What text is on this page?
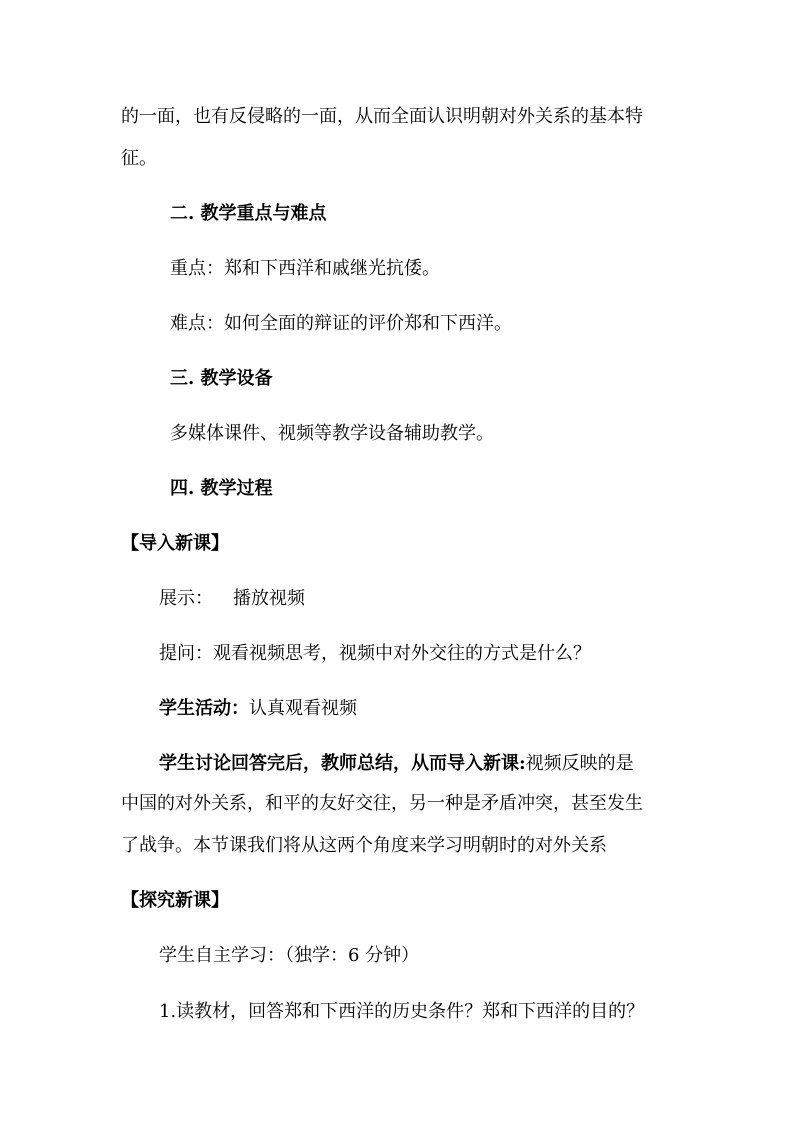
的一面，也有反侵略的一面，从而全面认识明朝对外关系的基本特
征。
二. 教学重点与难点
重点：郑和下西洋和戚继光抗倭。
难点：如何全面的辩证的评价郑和下西洋。
三. 教学设备
多媒体课件、视频等教学设备辅助教学。
四. 教学过程
【导入新课】
展示： 播放视频
提问：观看视频思考，视频中对外交往的方式是什么？
学生活动：认真观看视频
学生讨论回答完后，教师总结，从而导入新课:视频反映的是
中国的对外关系，和平的友好交往，另一种是矛盾冲突，甚至发生
了战争。本节课我们将从这两个角度来学习明朝时的对外关系
【探究新课】
学生自主学习：（独学：6 分钟）
1.读教材，回答郑和下西洋的历史条件？郑和下西洋的目的？
